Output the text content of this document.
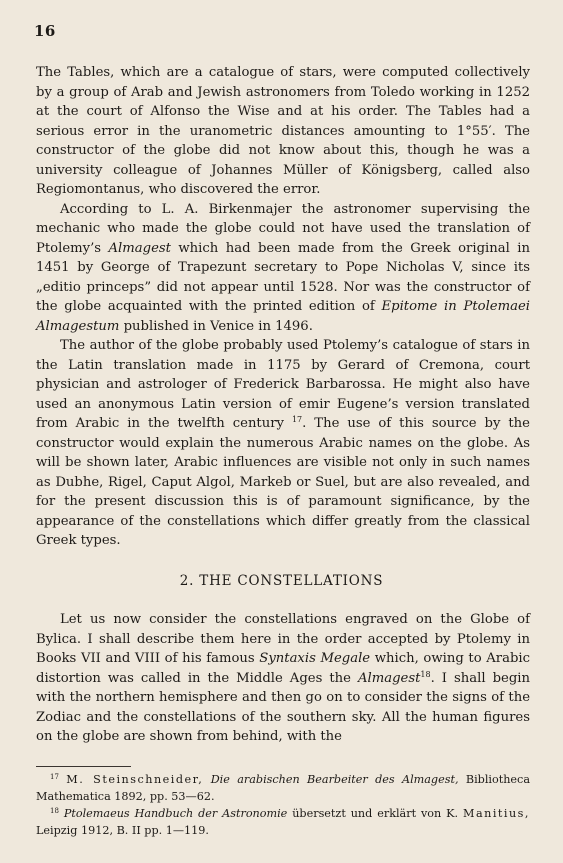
16

The Tables, which are a catalogue of stars, were computed collectively by a group of Arab and Jewish astronomers from Toledo working in 1252 at the court of Alfonso the Wise and at his order. The Tables had a serious error in the uranometric distances amounting to 1°55′. The constructor of the globe did not know about this, though he was a university colleague of Johannes Müller of Königsberg, called also Regiomontanus, who discovered the error.

According to L. A. Birkenmajer the astronomer supervising the mechanic who made the globe could not have used the translation of Ptolemy’s Almagest which had been made from the Greek original in 1451 by George of Trapezunt secretary to Pope Nicholas V, since its „editio princeps” did not appear until 1528. Nor was the constructor of the globe acquainted with the printed edition of Epitome in Ptolemaei Almagestum published in Venice in 1496.

The author of the globe probably used Ptolemy’s catalogue of stars in the Latin translation made in 1175 by Gerard of Cremona, court physician and astrologer of Frederick Barbarossa. He might also have used an anonymous Latin version of emir Eugene’s version translated from Arabic in the twelfth century $^{17}$. The use of this source by the constructor would explain the numerous Arabic names on the globe. As will be shown later, Arabic influences are visible not only in such names as Dubhe, Rigel, Caput Algol, Markeb or Suel, but are also revealed, and for the present discussion this is of paramount significance, by the appearance of the constellations which differ greatly from the classical Greek types.

2. THE CONSTELLATIONS

Let us now consider the constellations engraved on the Globe of Bylica. I shall describe them here in the order accepted by Ptolemy in Books VII and VIII of his famous Syntaxis Megale which, owing to Arabic distortion was called in the Middle Ages the Almagest$^{18}$. I shall begin with the northern hemisphere and then go on to consider the signs of the Zodiac and the constellations of the southern sky. All the human figures on the globe are shown from behind, with the

$^{17}$ M. Steinschneider, Die arabischen Bearbeiter des Almagest, Bibliotheca Mathematica 1892, pp. 53—62.

$^{18}$ Ptolemaeus Handbuch der Astronomie übersetzt und erklärt von K. Manitius, Leipzig 1912, B. II pp. 1—119.
